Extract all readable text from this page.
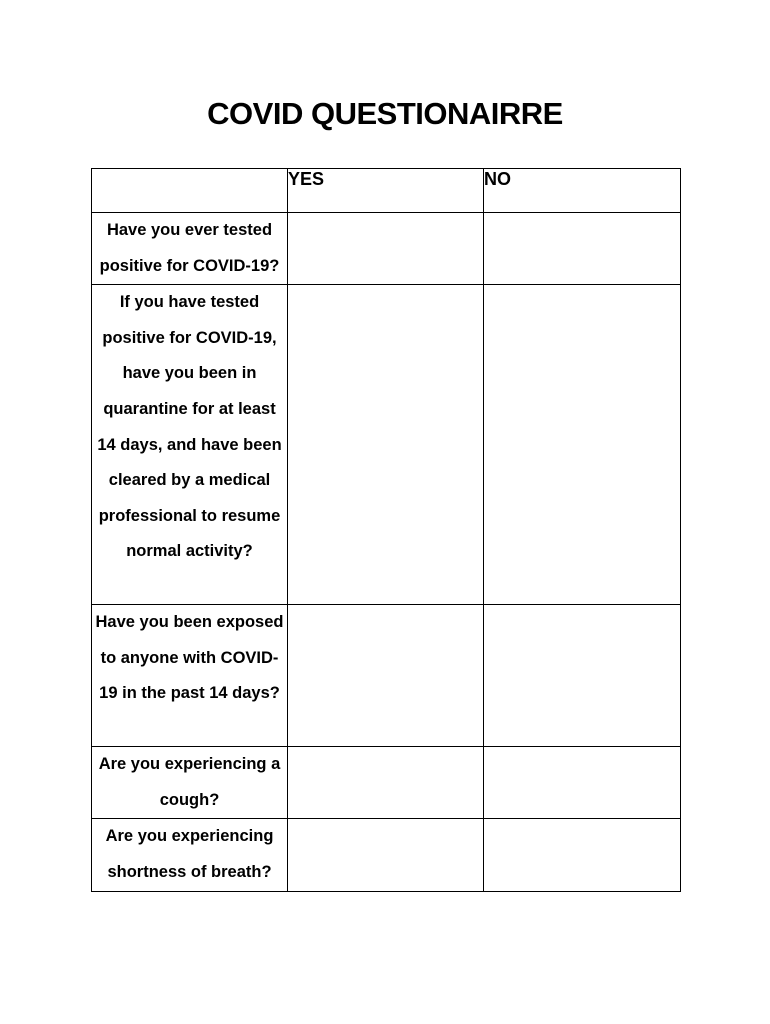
COVID QUESTIONAIRRE
	YES	NO
Have you ever tested positive for COVID-19?		
If you have tested positive for COVID-19, have you been in quarantine for at least 14 days, and have been cleared by a medical professional to resume normal activity?		
Have you been exposed to anyone with COVID-19 in the past 14 days?		
Are you experiencing a cough?		
Are you experiencing shortness of breath?		
